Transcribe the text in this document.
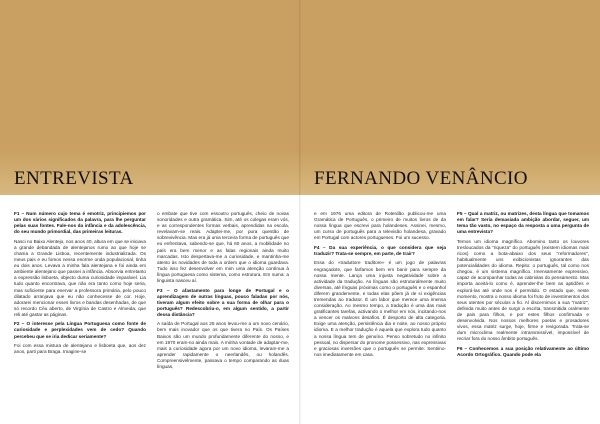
ENTREVISTA	FERNANDO VENÂNCIO

F1 – Num número cujo tema é emotriz, principiemos por um dos vários significados da palavra, para lhe perguntar pelas suas fontes. Fale-nos da infância e da adolescência, do seu mundo primordial, das primeiras leituras.

Nasci no Baixo Alentejo, nos anos 40, altura em que se iniciava a grande debandada de alentejanos rumo ao que hoje se chama a Grande Lisboa, recentemente industrializada. Os meus pais e eu fomos nessa enorme onda populacional, tinha eu dois anos. Levava a minha fala alentejana e foi ainda em ambiente alentejano que passei a infância. Absorvia entretanto a expressão lisboeta, objecto duma curiosidade imparável. Lia tudo quanto encontrava, que não era tanto como hoje seria, mas suficiente para enervar a professora primária, pelo pouco dilatado arranjava que eu não conhecesse de cor. Hoje, adorarei mencionar esses livros e bandas desenhadas, de que só recordo Céu aberto, de Virgínia de Castro e Almeida, que reli até gastar as páginas.

F2 – O interesse pela Língua Portuguesa como fonte de curiosidade e perplexidades vem de cedo? Quando percebeu que se iria dedicar seriamente?

Foi com essa mistura de alentejano e lisboeta que, aos dez anos, parti para Braga. Imagine-se

o embate que tive com essoutro português, cheio de novas sonoridades e outra gramática. Sim, até os colegas eram vós, e as correspondentes formas verbais, aprendidas na escola, revelavam-se reais. Adaptei-me, por pura questão de sobrevivência. Mas era já uma terceira forma de português que eu enfrentava, sabendo-se que, há 60 anos, a mobilidade no país era bem menor e as falas regionais ainda muito marcadas. Isto despertava-me a curiosidade, e mantinha-me atento às novidades de toda a ordem que o idioma guardava. Tudo isso fez desenvolver em mim uma atenção contínua à língua portuguesa como sistema, como estrutura. Em suma: a linguista nasceu aí.

F3 – O afastamento para longe de Portugal e o aprendizagem de outras línguas, pouco faladas por nós, tiveram algum efeito sobre a sua forma de olhar para o português? Redescobriu-o, em algum sentido, a partir dessa distância?

A saída de Portugal aos 25 anos levou-me a um novo cenário, bem mais inovador que os que tivera no País. Os Países Baixos são um mundo profundamente diferente do nosso, e em 1970 eram-no ainda mais. A minha vontade de adaptar-me, mais a curiosidade agora por um novo idioma, levaram-me a aprender rapidamente o neerlandês, ou holandês. Compreensivelmente, passava o tempo comparando as duas línguas,

e em 1976 uma editora de Roterdão publicou-me uma Gramática de Português, o primeiro de muitos livros de da nossa língua que escrevi para holandeses. Assinei, mesmo, um curso de português para a televisão holandesa, gravado em Portugal com actores portugueses. Foi um sucesso.

F4 – Da sua experiência, o que considera que seja traduzir? Trata-se sempre, em parte, de trair?

Essa do «traduttore traditore» é um jogo de palavras engraçadote, que farfamos bem em banir para sempre da nossa mente. Lança uma injusta negatividade sobre a actividade da tradução. As línguas são estruturalmente muito diversas, até línguas próximas como o português e o espanhol diferem grandemente, e todas elas põem já de si exigências tremendas ao tradutor. É um labor que merece uma imensa consideração. Ao mesmo tempo, a tradução é uma das mais gratificantes tarefas, activando o melhor em nós, incitando-nos a vencer os malvons desafios. É desporto de alta categoria. Exige uma atenção, persistência dia e noite, ao nosso próprio idioma. E a melhor tradução é aquela que explora tudo quanto a nossa língua tem de genuíno. Penso sobretudo no infinito pessoal, no dispersar do pronome possessivo, nas expressivas e graciosas inversões que o português se permite. Sentimo-nos imediatamente em casa.

F5 – Qual a matriz, ou matrizes, desta língua que tomamos em falar? Seria demasiada ambição abordar, seguer, um tema tão vasto, no espaço da resposta a uma pergunta de uma entrevista?

Temos um idioma magnífico. Abomino tanto os louvores tresloucados da "riqueza" do português (existem idiomas mais ricos) como a bota-abaixo dos seus "reformadores", habitualmente uns exibicionistas ignorantes das potencialidades do idioma. Repito: o português, tal como nos chegou, é um sistema magnífico. Imensamente expressivo, capaz de acompanhar todas as cabriolas do pensamento. Mas importa aceitá-lo como é, aprender-lhe bem as aptidões e explorá-las até onde nos é permitido. O estado que, neste momento, mostra o nosso idioma foi fruto de investimentos dos seus utentes por séculos a fio. Al discernimos a sua "matriz", definida muito antes de surgir a escrita, transmitida oralmente de pais para filhos, e por estes filhos confirmada e desenvolvida. Nos nossos melhores poetas e prosadores vivos, essa matriz surge, hoje, firme e revigorada. Trata-se dum microclima realmente intransmissível, impossível de recriar fora do nosso âmbito português.

F6 – Conhecemos a sua posição relativamente ao último Acordo Ortográfico. Quando pode ela
